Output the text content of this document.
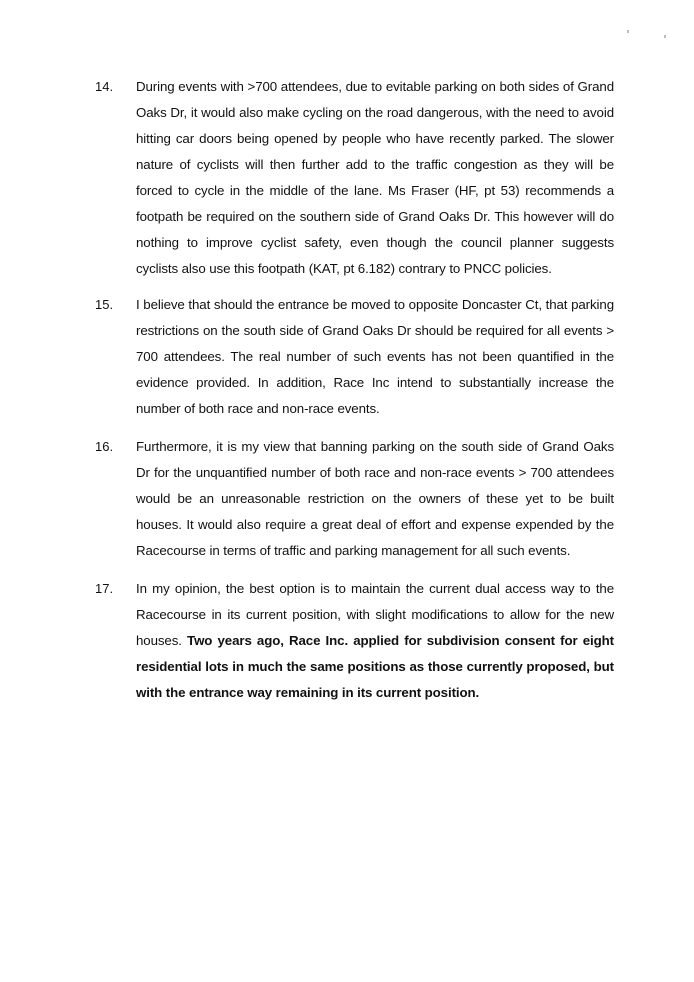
14. During events with >700 attendees, due to evitable parking on both sides of Grand Oaks Dr, it would also make cycling on the road dangerous, with the need to avoid hitting car doors being opened by people who have recently parked. The slower nature of cyclists will then further add to the traffic congestion as they will be forced to cycle in the middle of the lane. Ms Fraser (HF, pt 53) recommends a footpath be required on the southern side of Grand Oaks Dr. This however will do nothing to improve cyclist safety, even though the council planner suggests cyclists also use this footpath (KAT, pt 6.182) contrary to PNCC policies.
15. I believe that should the entrance be moved to opposite Doncaster Ct, that parking restrictions on the south side of Grand Oaks Dr should be required for all events > 700 attendees. The real number of such events has not been quantified in the evidence provided. In addition, Race Inc intend to substantially increase the number of both race and non-race events.
16. Furthermore, it is my view that banning parking on the south side of Grand Oaks Dr for the unquantified number of both race and non-race events > 700 attendees would be an unreasonable restriction on the owners of these yet to be built houses. It would also require a great deal of effort and expense expended by the Racecourse in terms of traffic and parking management for all such events.
17. In my opinion, the best option is to maintain the current dual access way to the Racecourse in its current position, with slight modifications to allow for the new houses. Two years ago, Race Inc. applied for subdivision consent for eight residential lots in much the same positions as those currently proposed, but with the entrance way remaining in its current position.
